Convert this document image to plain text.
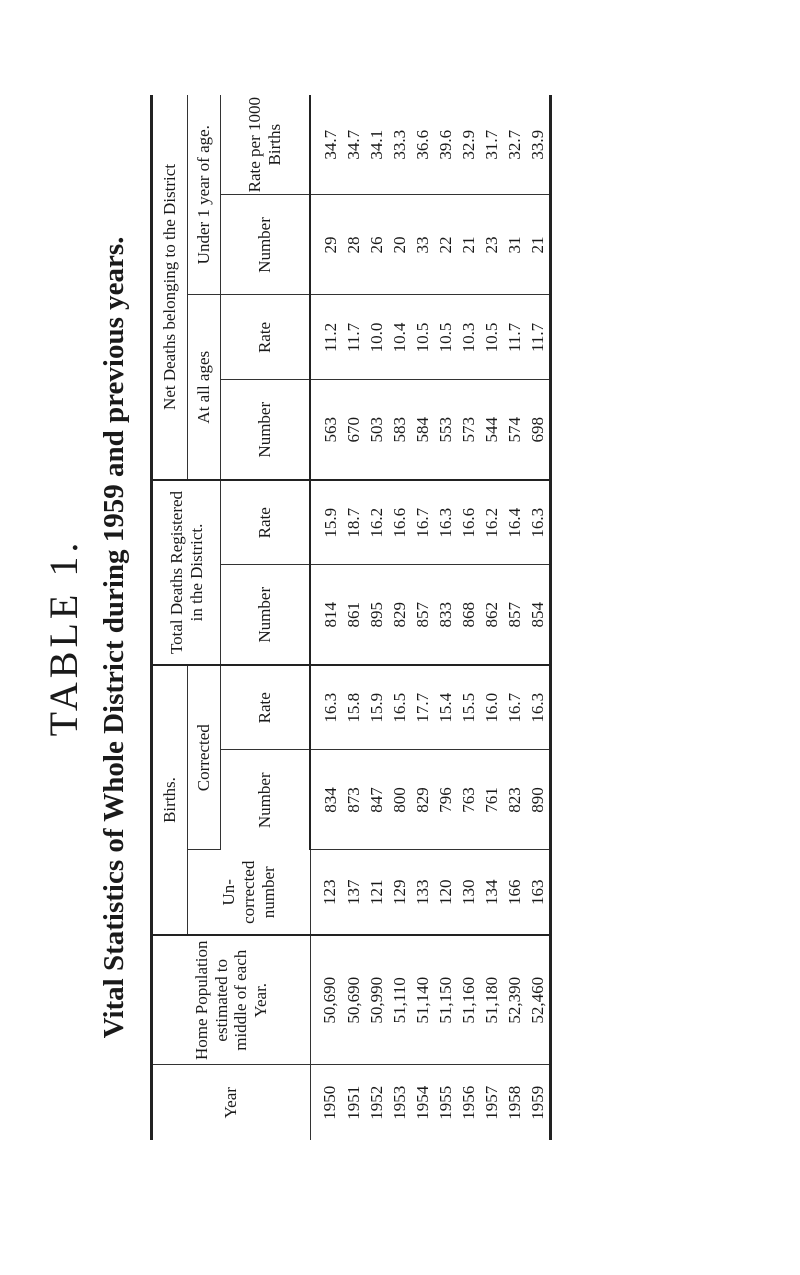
TABLE 1. Vital Statistics of Whole District during 1959 and previous years.
Year	Home Population estimated to middle of each Year.	Births.			Total Deaths Registered in the District.		Net Deaths belonging to the District			
		Un-corrected number	Corrected				At all ages		Under 1 year of age.	
			Number	Rate	Number	Rate	Number	Rate	Number	Rate per 1000 Births
1950	50,690	123	834	16.3	814	15.9	563	11.2	29	34.7
1951	50,690	137	873	15.8	861	18.7	670	11.7	28	34.7
1952	50,990	121	847	15.9	895	16.2	503	10.0	26	34.1
1953	51,110	129	800	16.5	829	16.6	583	10.4	20	33.3
1954	51,140	133	829	17.7	857	16.7	584	10.5	33	36.6
1955	51,150	120	796	15.4	833	16.3	553	10.5	22	39.6
1956	51,160	130	763	15.5	868	16.6	573	10.3	21	32.9
1957	51,180	134	761	16.0	862	16.2	544	10.5	23	31.7
1958	52,390	166	823	16.7	857	16.4	574	11.7	31	32.7
1959	52,460	163	890	16.3	854	16.3	698	11.7	21	33.9
